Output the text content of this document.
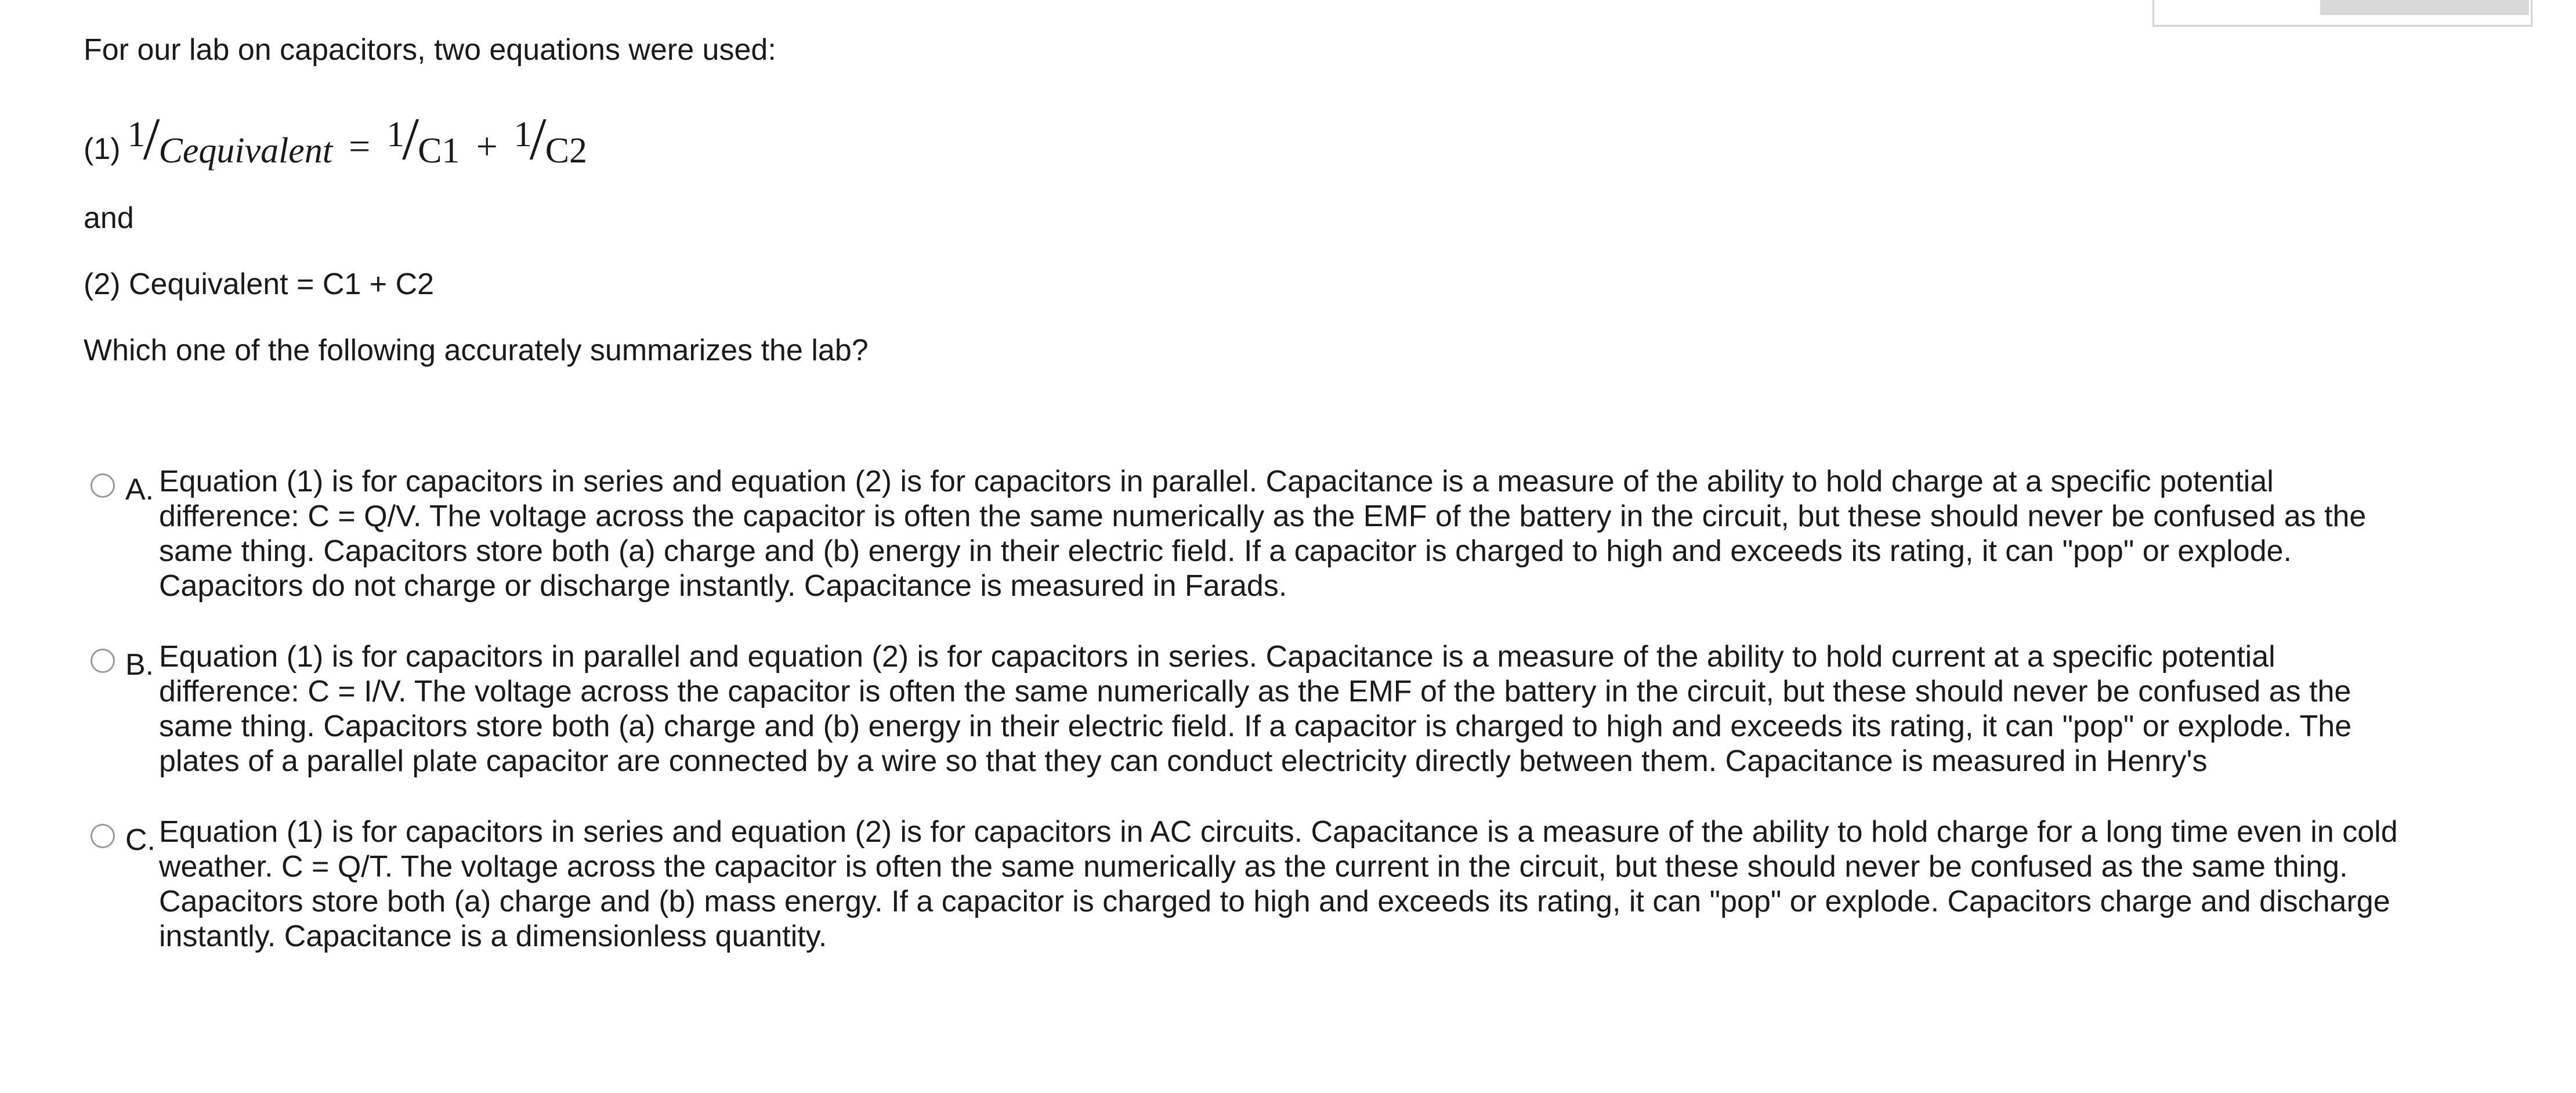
For our lab on capacitors, two equations were used:
(1) 1
/
Cequivalent = 1
/
C1 + 1
/
C2
and
(2) Cequivalent = C1 + C2
Which one of the following accurately summarizes the lab?
A. Equation (1) is for capacitors in series and equation (2) is for capacitors in parallel. Capacitance is a measure of the ability to hold charge at a specific potential
difference: C = Q/V. The voltage across the capacitor is often the same numerically as the EMF of the battery in the circuit, but these should never be confused as the
same thing. Capacitors store both (a) charge and (b) energy in their electric field. If a capacitor is charged to high and exceeds its rating, it can "pop" or explode.
Capacitors do not charge or discharge instantly. Capacitance is measured in Farads.
B. Equation (1) is for capacitors in parallel and equation (2) is for capacitors in series. Capacitance is a measure of the ability to hold current at a specific potential
difference: C = I/V. The voltage across the capacitor is often the same numerically as the EMF of the battery in the circuit, but these should never be confused as the
same thing. Capacitors store both (a) charge and (b) energy in their electric field. If a capacitor is charged to high and exceeds its rating, it can "pop" or explode. The
plates of a parallel plate capacitor are connected by a wire so that they can conduct electricity directly between them. Capacitance is measured in Henry's
C. Equation (1) is for capacitors in series and equation (2) is for capacitors in AC circuits. Capacitance is a measure of the ability to hold charge for a long time even in cold
weather. C = Q/T. The voltage across the capacitor is often the same numerically as the current in the circuit, but these should never be confused as the same thing.
Capacitors store both (a) charge and (b) mass energy. If a capacitor is charged to high and exceeds its rating, it can "pop" or explode. Capacitors charge and discharge
instantly. Capacitance is a dimensionless quantity.
